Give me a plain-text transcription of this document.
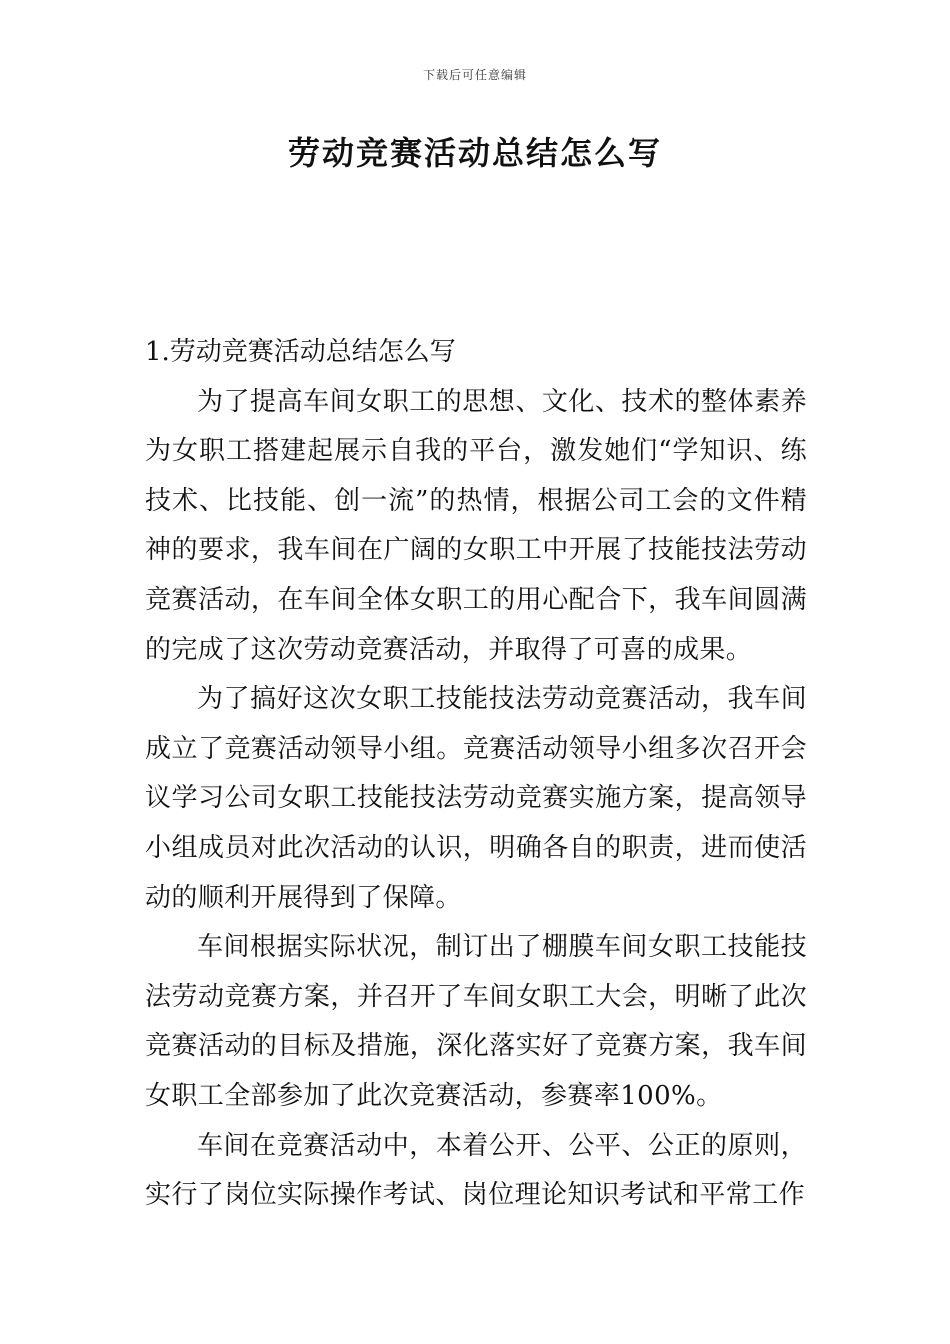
下载后可任意编辑
劳动竞赛活动总结怎么写

1.劳动竞赛活动总结怎么写

为了提高车间女职工的思想、文化、技术的整体素养为女职工搭建起展示自我的平台，激发她们“学知识、练技术、比技能、创一流”的热情，根据公司工会的文件精神的要求，我车间在广阔的女职工中开展了技能技法劳动竞赛活动，在车间全体女职工的用心配合下，我车间圆满的完成了这次劳动竞赛活动，并取得了可喜的成果。

为了搞好这次女职工技能技法劳动竞赛活动，我车间成立了竞赛活动领导小组。竞赛活动领导小组多次召开会议学习公司女职工技能技法劳动竞赛实施方案，提高领导小组成员对此次活动的认识，明确各自的职责，进而使活动的顺利开展得到了保障。

车间根据实际状况，制订出了棚膜车间女职工技能技法劳动竞赛方案，并召开了车间女职工大会，明晰了此次竞赛活动的目标及措施，深化落实好了竞赛方案，我车间女职工全部参加了此次竞赛活动，参赛率100%。

车间在竞赛活动中，本着公开、公平、公正的原则，实行了岗位实际操作考试、岗位理论知识考试和平常工作
